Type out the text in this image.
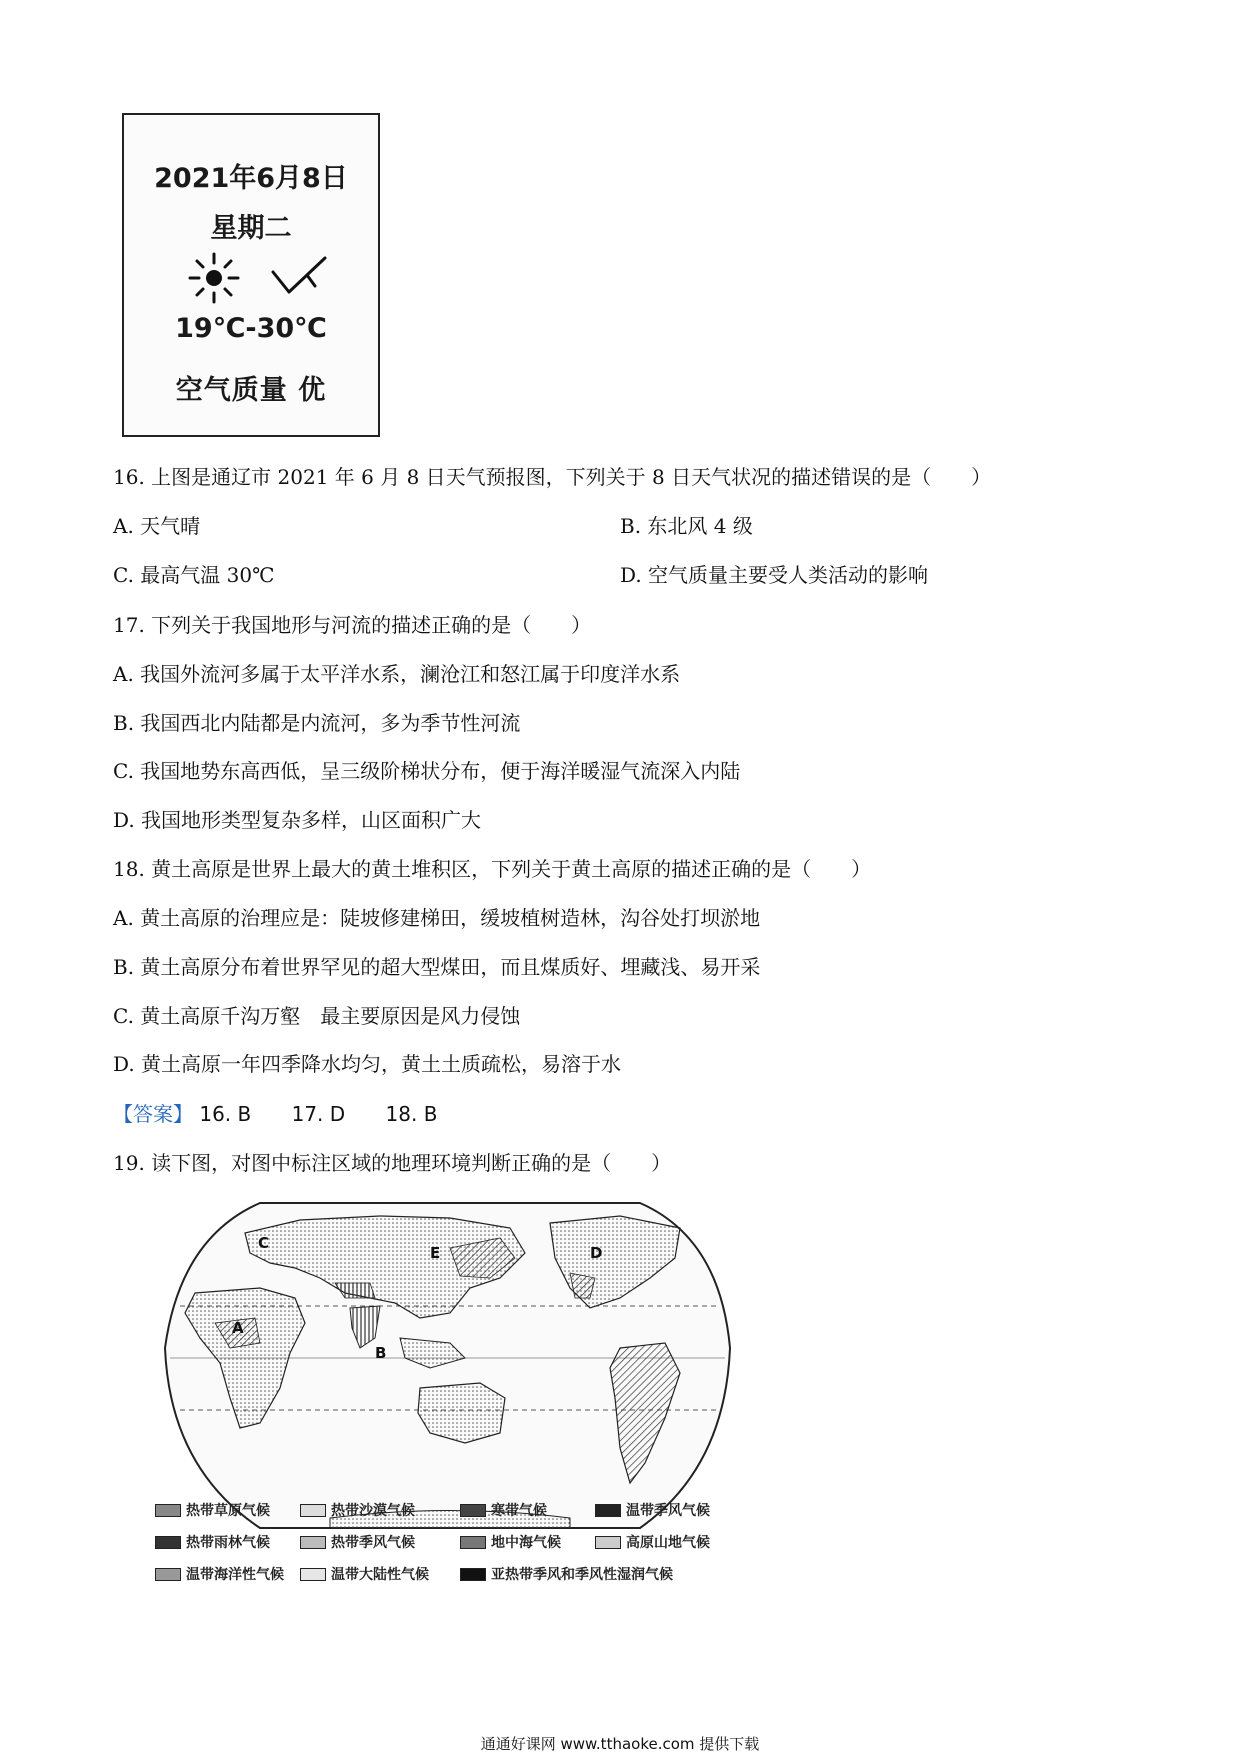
2021年6月8日
星期二
19℃-30℃
空气质量 优
16. 上图是通辽市 2021 年 6 月 8 日天气预报图，下列关于 8 日天气状况的描述错误的是（　　）
A. 天气晴	B. 东北风 4 级
C. 最高气温 30℃	D. 空气质量主要受人类活动的影响
17. 下列关于我国地形与河流的描述正确的是（　　）
A. 我国外流河多属于太平洋水系，澜沧江和怒江属于印度洋水系
B. 我国西北内陆都是内流河，多为季节性河流
C. 我国地势东高西低，呈三级阶梯状分布，便于海洋暖湿气流深入内陆
D. 我国地形类型复杂多样，山区面积广大
18. 黄土高原是世界上最大的黄土堆积区，下列关于黄土高原的描述正确的是（　　）
A. 黄土高原的治理应是：陡坡修建梯田，缓坡植树造林，沟谷处打坝淤地
B. 黄土高原分布着世界罕见的超大型煤田，而且煤质好、埋藏浅、易开采
C. 黄土高原千沟万壑　最主要原因是风力侵蚀
D. 黄土高原一年四季降水均匀，黄土土质疏松，易溶于水
【答案】 16. B 17. D 18. B
19. 读下图，对图中标注区域的地理环境判断正确的是（　　）
A
B
C
D
E
热带草原气候	热带沙漠气候	寒带气候	温带季风气候
热带雨林气候	热带季风气候	地中海气候	高原山地气候
温带海洋性气候	温带大陆性气候	亚热带季风和季风性湿润气候
通通好课网 www.tthaoke.com 提供下载
